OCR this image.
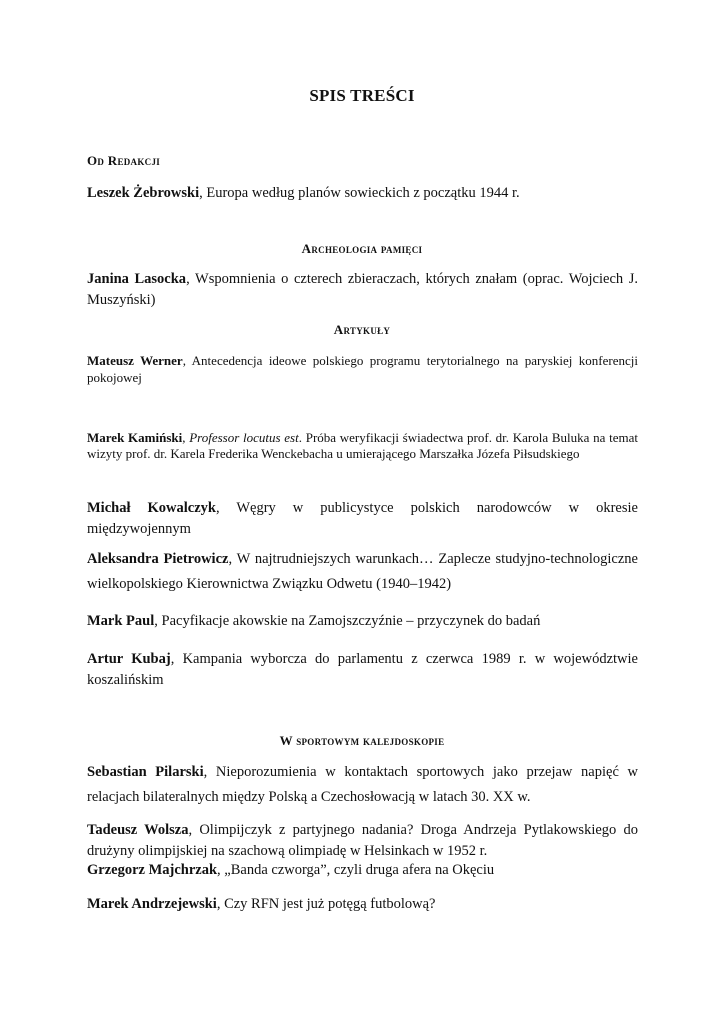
SPIS TREŚCI
Od Redakcji
Leszek Żebrowski, Europa według planów sowieckich z początku 1944 r.
Archeologia pamięci
Janina Lasocka, Wspomnienia o czterech zbieraczach, których znałam (oprac. Wojciech J. Muszyński)
Artykuły
Mateusz Werner, Antecedencja ideowe polskiego programu terytorialnego na paryskiej konferencji pokojowej
Marek Kamiński, Professor locutus est. Próba weryfikacji świadectwa prof. dr. Karola Buluka na temat wizyty prof. dr. Karela Frederika Wenckebacha u umierającego Marszałka Józefa Piłsudskiego
Michał Kowalczyk, Węgry w publicystyce polskich narodowców w okresie międzywojennym
Aleksandra Pietrowicz, W najtrudniejszych warunkach… Zaplecze studyjno-technologiczne wielkopolskiego Kierownictwa Związku Odwetu (1940–1942)
Mark Paul, Pacyfikacje akowskie na Zamojszczyźnie – przyczynek do badań
Artur Kubaj, Kampania wyborcza do parlamentu z czerwca 1989 r. w województwie koszalińskim
W sportowym kalejdoskopie
Sebastian Pilarski, Nieporozumienia w kontaktach sportowych jako przejaw napięć w relacjach bilateralnych między Polską a Czechosłowacją w latach 30. XX w.
Tadeusz Wolsza, Olimpijczyk z partyjnego nadania? Droga Andrzeja Pytlakowskiego do drużyny olimpijskiej na szachową olimpiadę w Helsinkach w 1952 r.
Grzegorz Majchrzak, „Banda czworga”, czyli druga afera na Okęciu
Marek Andrzejewski, Czy RFN jest już potęgą futbolową?
